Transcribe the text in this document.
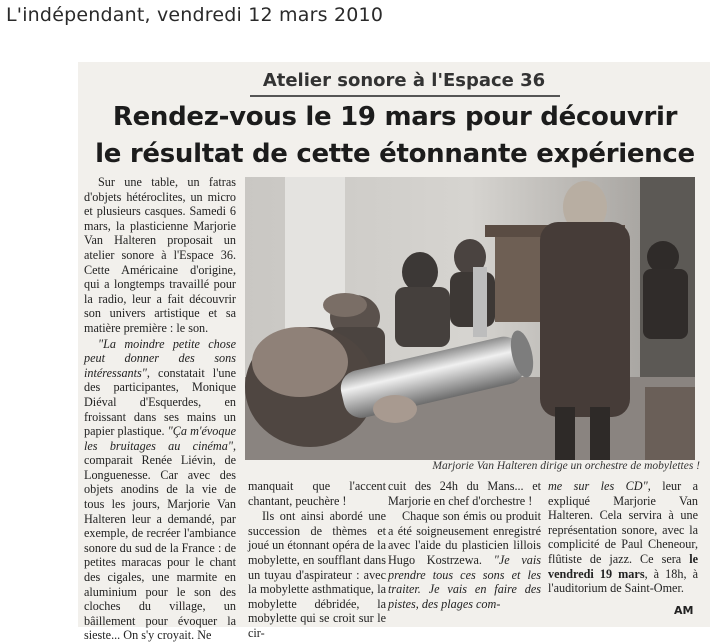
L'indépendant, vendredi 12 mars 2010
Atelier sonore à l'Espace 36
Rendez-vous le 19 mars pour découvrir
le résultat de cette étonnante expérience

Sur une table, un fatras d'objets hétéroclites, un micro et plusieurs casques. Samedi 6 mars, la plasticienne Marjorie Van Halteren proposait un atelier sonore à l'Espace 36. Cette Américaine d'origine, qui a longtemps travaillé pour la radio, leur a fait découvrir son univers artistique et sa matière première : le son.

"La moindre petite chose peut donner des sons intéressants", constatait l'une des participantes, Monique Diéval d'Esquerdes, en froissant dans ses mains un papier plastique. "Ça m'évoque les bruitages au cinéma", comparait Renée Liévin, de Longuenesse. Car avec des objets anodins de la vie de tous les jours, Marjorie Van Halteren leur a demandé, par exemple, de recréer l'ambiance sonore du sud de la France : de petites maracas pour le chant des cigales, une marmite en aluminium pour le son des cloches du village, un bâillement pour évoquer la sieste... On s'y croyait. Ne

Marjorie Van Halteren dirige un orchestre de mobylettes !

manquait que l'accent chantant, peuchère !

Ils ont ainsi abordé une succession de thèmes et joué un étonnant opéra de la mobylette, en soufflant dans un tuyau d'aspirateur : avec la mobylette asthmatique, la mobylette débridée, la mobylette qui se croit sur le cir-

cuit des 24h du Mans... et Marjorie en chef d'orchestre !

Chaque son émis ou produit a été soigneusement enregistré avec l'aide du plasticien lillois Hugo Kostrzewa. "Je vais prendre tous ces sons et les traiter. Je vais en faire des pistes, des plages com-

me sur les CD", leur a expliqué Marjorie Van Halteren. Cela servira à une représentation sonore, avec la complicité de Paul Cheneour, flûtiste de jazz. Ce sera le vendredi 19 mars, à 18h, à l'auditorium de Saint-Omer.

AM
